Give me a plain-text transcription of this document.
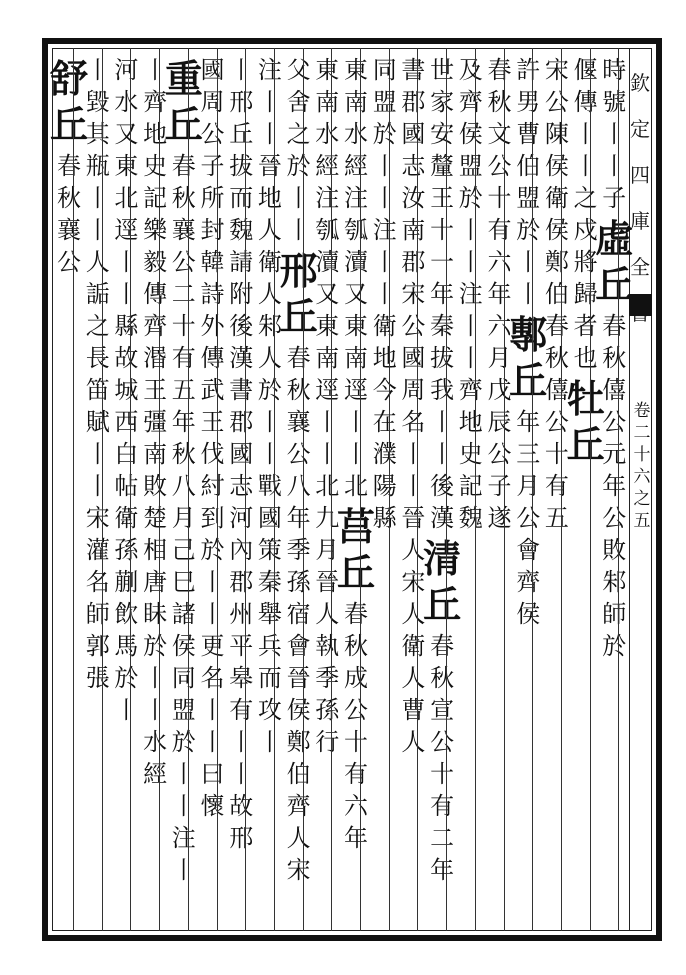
欽定四庫全
卷二十六之五
時號丨
丨子
虛丘
春秋僖公元年公敗邾師於
偃傳丨丨之戍將歸者也
牡丘
宋公陳侯衛侯鄭伯
春秋僖公十有五
許男曹伯盟於丨丨
鄟丘
年三月公會齊侯
春秋文公十有六年六月戊辰公子遂
及齊侯盟於丨丨注丨丨齊地史記魏
世家安釐王十一年秦拔我丨丨後漢
清丘
春秋宣公十有二年
書郡國志汝南郡宋公國周名丨丨
晉人宋人衛人曹人
同盟於丨丨注丨丨衛地今在濮陽縣
東南水經注瓠瀆又東南逕丨丨北
莒丘
春秋成公十有六年
東南水經注瓠瀆又東南逕丨丨北
九月晉人執季孫行
父舍之於丨丨
邢丘
春秋襄公八年季孫宿會晉侯鄭伯齊人宋
注丨丨晉地
人衛人邾人於丨丨戰國策秦舉兵而攻丨
丨邢丘拔而魏請附後漢書郡國志河內郡州平皋有丨丨故邢
國周公子所封韓詩外傳武王伐紂到於丨丨更名丨丨曰懷
重丘
春秋襄公二十有五年秋八月己巳諸侯同盟於丨丨注丨
丨齊地史記樂毅傳齊湣王彊南敗楚相唐眛於丨丨水經
河水又東北逕丨丨縣故城西白帖衛孫蒯飲馬於丨
丨毀其瓶丨丨人詬之長笛賦丨丨宋灌名師郭張
舒丘
春秋襄公
